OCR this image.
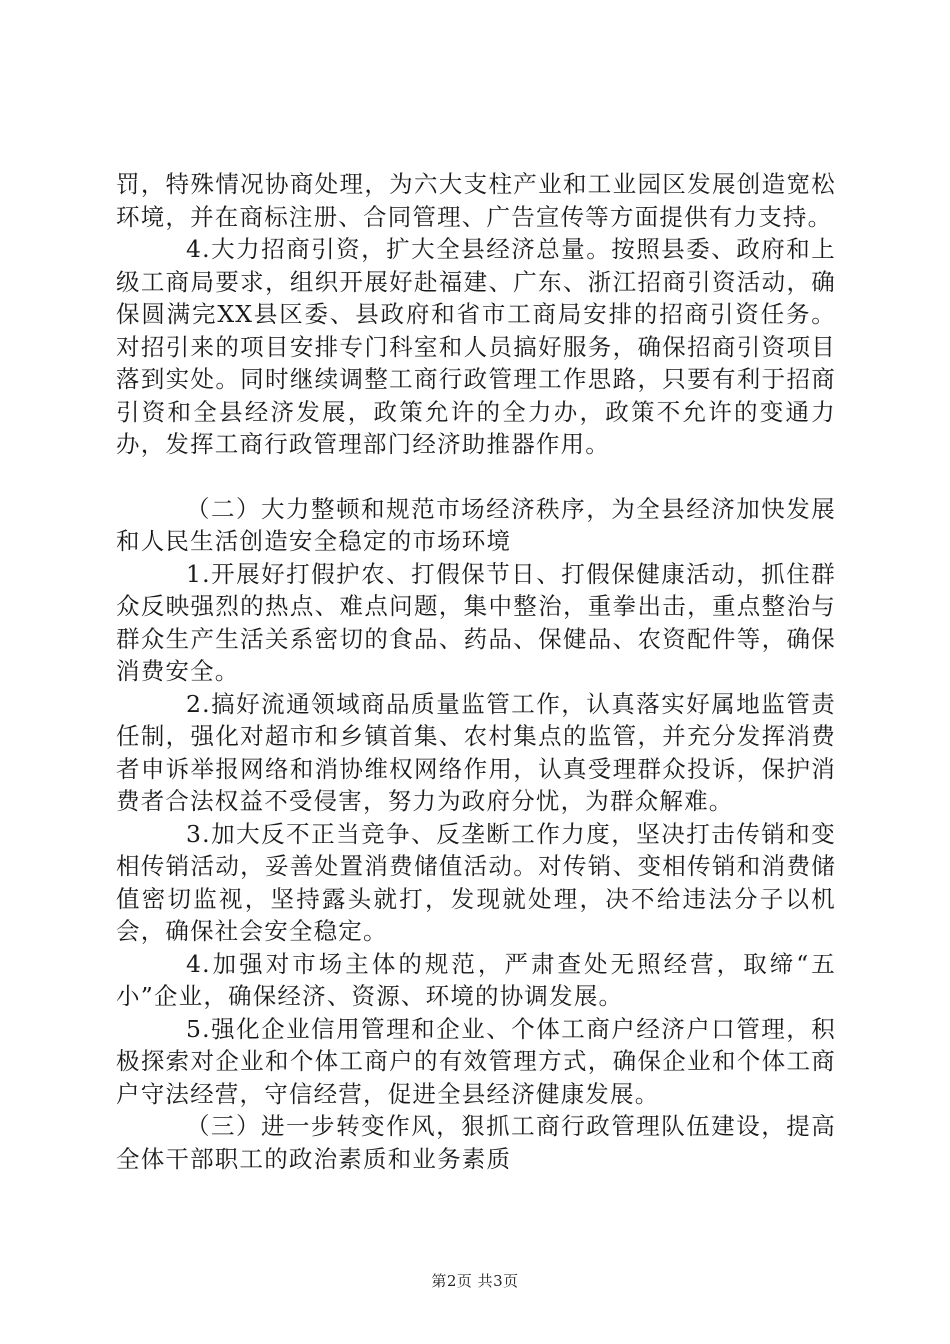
罚，特殊情况协商处理，为六大支柱产业和工业园区发展创造宽松环境，并在商标注册、合同管理、广告宣传等方面提供有力支持。

4.大力招商引资，扩大全县经济总量。按照县委、政府和上级工商局要求，组织开展好赴福建、广东、浙江招商引资活动，确保圆满完XX县区委、县政府和省市工商局安排的招商引资任务。对招引来的项目安排专门科室和人员搞好服务，确保招商引资项目落到实处。同时继续调整工商行政管理工作思路，只要有利于招商引资和全县经济发展，政策允许的全力办，政策不允许的变通力办，发挥工商行政管理部门经济助推器作用。

（二）大力整顿和规范市场经济秩序，为全县经济加快发展和人民生活创造安全稳定的市场环境

1.开展好打假护农、打假保节日、打假保健康活动，抓住群众反映强烈的热点、难点问题，集中整治，重拳出击，重点整治与群众生产生活关系密切的食品、药品、保健品、农资配件等，确保消费安全。

2.搞好流通领域商品质量监管工作，认真落实好属地监管责任制，强化对超市和乡镇首集、农村集点的监管，并充分发挥消费者申诉举报网络和消协维权网络作用，认真受理群众投诉，保护消费者合法权益不受侵害，努力为政府分忧，为群众解难。

3.加大反不正当竞争、反垄断工作力度，坚决打击传销和变相传销活动，妥善处置消费储值活动。对传销、变相传销和消费储值密切监视，坚持露头就打，发现就处理，决不给违法分子以机会，确保社会安全稳定。

4.加强对市场主体的规范，严肃查处无照经营，取缔“五小”企业，确保经济、资源、环境的协调发展。

5.强化企业信用管理和企业、个体工商户经济户口管理，积极探索对企业和个体工商户的有效管理方式，确保企业和个体工商户守法经营，守信经营，促进全县经济健康发展。

（三）进一步转变作风，狠抓工商行政管理队伍建设，提高全体干部职工的政治素质和业务素质

第2页 共3页
